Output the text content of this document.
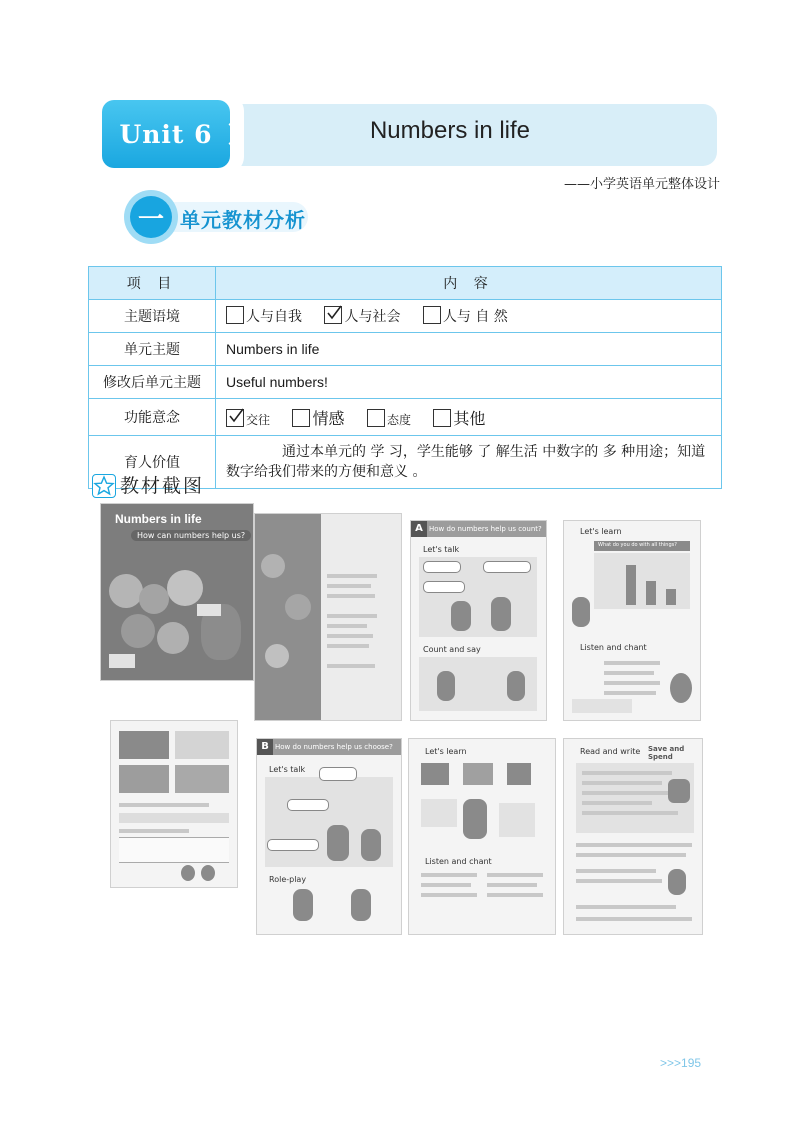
Unit 6	Numbers in life
——小学英语单元整体设计
一 单元教材分析
项 目	内 容
主题语境	人与自我 人与社会 人与 自 然
单元主题	Numbers in life
修改后单元主题	Useful numbers!
功能意念	交往 情感 态度 其他
育人价值	通过本单元的 学 习，学生能够 了 解生活 中数字的 多 种用途；知道数字给我们带来的方便和意义 。
教材截图
Numbers in life
How can numbers help us?
How do numbers help us count?
A
Let's talk
Count and say
Let's learn
What do you do with all things?
Listen and chant
How do numbers help us choose?
B
Let's talk
Role-play
Let's learn
Listen and chant
Read and write Save and Spend
>>>195
